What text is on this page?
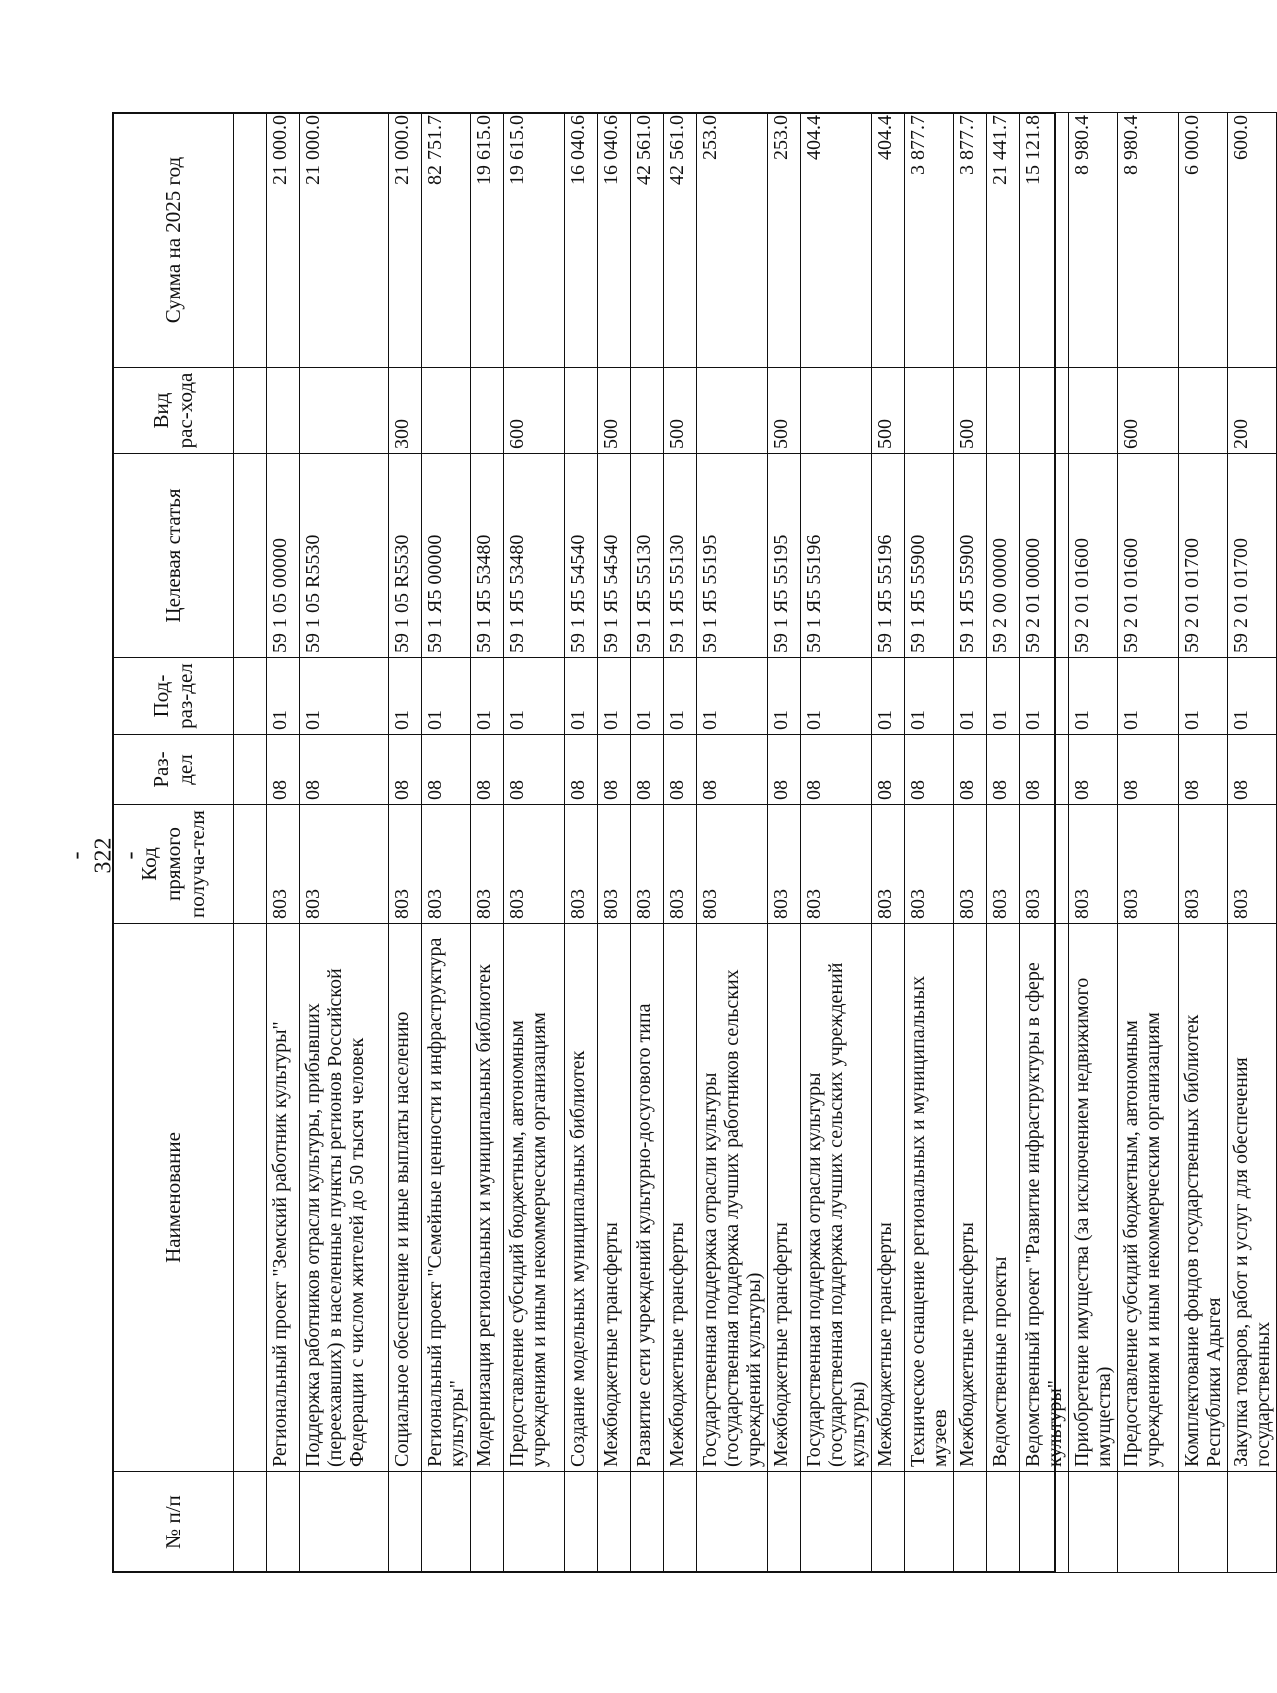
- 322 -
№ п/п	Наименование	Код прямого получа-теля	Раз-дел	Под-раз-дел	Целевая статья	Вид рас-хода	Сумма на 2025 год

	Региональный проект "Земский работник культуры"	803	08	01	59 1 05 00000		21 000.0
	Поддержка работников отрасли культуры, прибывших (переехавших) в населенные пункты регионов Российской Федерации с числом жителей до 50 тысяч человек	803	08	01	59 1 05 R5530		21 000.0
	Социальное обеспечение и иные выплаты населению	803	08	01	59 1 05 R5530	300	21 000.0
	Региональный проект "Семейные ценности и инфраструктура культуры"	803	08	01	59 1 Я5 00000		82 751.7
	Модернизация региональных и муниципальных библиотек	803	08	01	59 1 Я5 53480		19 615.0
	Предоставление субсидий бюджетным, автономным учреждениям и иным некоммерческим организациям	803	08	01	59 1 Я5 53480	600	19 615.0
	Создание модельных муниципальных библиотек	803	08	01	59 1 Я5 54540		16 040.6
	Межбюджетные трансферты	803	08	01	59 1 Я5 54540	500	16 040.6
	Развитие сети учреждений культурно-досугового типа	803	08	01	59 1 Я5 55130		42 561.0
	Межбюджетные трансферты	803	08	01	59 1 Я5 55130	500	42 561.0
	Государственная поддержка отрасли культуры (государственная поддержка лучших работников сельских учреждений культуры)	803	08	01	59 1 Я5 55195		253.0
	Межбюджетные трансферты	803	08	01	59 1 Я5 55195	500	253.0
	Государственная поддержка отрасли культуры (государственная поддержка лучших сельских учреждений культуры)	803	08	01	59 1 Я5 55196		404.4
	Межбюджетные трансферты	803	08	01	59 1 Я5 55196	500	404.4
	Техническое оснащение региональных и муниципальных музеев	803	08	01	59 1 Я5 55900		3 877.7
	Межбюджетные трансферты	803	08	01	59 1 Я5 55900	500	3 877.7
	Ведомственные проекты	803	08	01	59 2 00 00000		21 441.7
	Ведомственный проект "Развитие инфраструктуры в сфере культуры"	803	08	01	59 2 01 00000		15 121.8
	Приобретение имущества (за исключением недвижимого имущества)	803	08	01	59 2 01 01600		8 980.4
	Предоставление субсидий бюджетным, автономным учреждениям и иным некоммерческим организациям	803	08	01	59 2 01 01600	600	8 980.4
	Комплектование фондов государственных библиотек Республики Адыгея	803	08	01	59 2 01 01700		6 000.0
	Закупка товаров, работ и услуг для обеспечения государственных	803	08	01	59 2 01 01700	200	600.0
